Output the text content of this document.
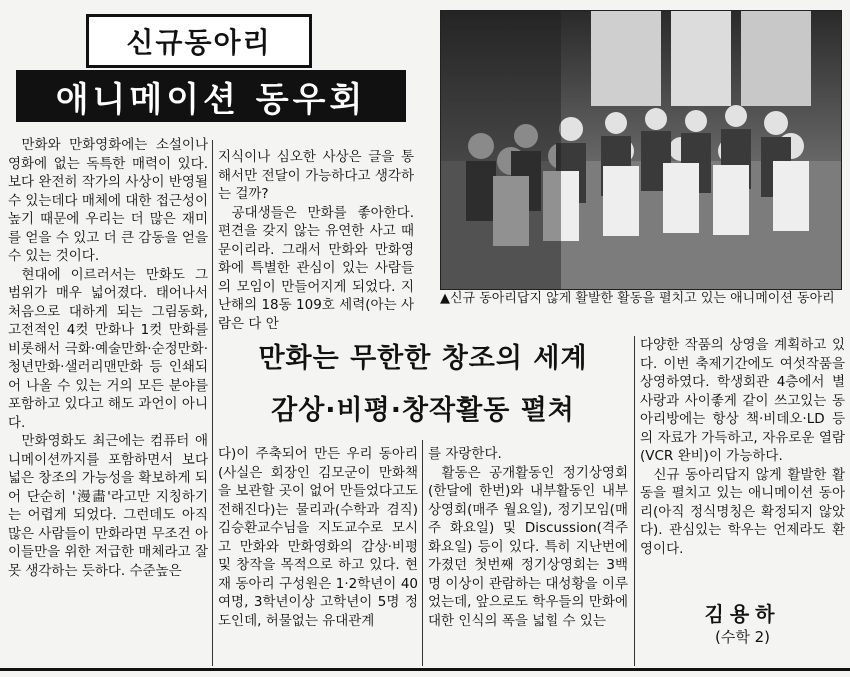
신규동아리
애니메이션 동우회
▲신규 동아리답지 않게 활발한 활동을 펼치고 있는 애니메이션 동아리

만화와 만화영화에는 소설이나 영화에 없는 독특한 매력이 있다. 보다 완전히 작가의 사상이 반영될 수 있는데다 매체에 대한 접근성이 높기 때문에 우리는 더 많은 재미를 얻을 수 있고 더 큰 감동을 얻을 수 있는 것이다.

현대에 이르러서는 만화도 그 범위가 매우 넓어졌다. 태어나서 처음으로 대하게 되는 그림동화, 고전적인 4컷 만화나 1컷 만화를 비롯해서 극화·예술만화·순정만화·청년만화·샐러리맨만화 등 인쇄되어 나올 수 있는 거의 모든 분야를 포함하고 있다고 해도 과언이 아니다.

만화영화도 최근에는 컴퓨터 애니메이션까지를 포함하면서 보다 넓은 창조의 가능성을 확보하게 되어 단순히 '漫畵'라고만 지칭하기는 어렵게 되었다. 그런데도 아직 많은 사람들이 만화라면 무조건 아이들만을 위한 저급한 매체라고 잘못 생각하는 듯하다. 수준높은

지식이나 심오한 사상은 글을 통해서만 전달이 가능하다고 생각하는 걸까?

공대생들은 만화를 좋아한다. 편견을 갖지 않는 유연한 사고 때문이리라. 그래서 만화와 만화영화에 특별한 관심이 있는 사람들의 모임이 만들어지게 되었다. 지난해의 18동 109호 세력(아는 사람은 다 안

만화는 무한한 창조의 세계
감상·비평·창작활동 펼쳐

다)이 주축되어 만든 우리 동아리(사실은 회장인 김모군이 만화책을 보관할 곳이 없어 만들었다고도 전해진다)는 물리과(수학과 겸직) 김승환교수님을 지도교수로 모시고 만화와 만화영화의 감상·비평 및 창작을 목적으로 하고 있다. 현재 동아리 구성원은 1·2학년이 40여명, 3학년이상 고학년이 5명 정도인데, 허물없는 유대관계

를 자랑한다.

활동은 공개활동인 정기상영회(한달에 한번)와 내부활동인 내부상영회(매주 월요일), 정기모임(매주 화요일) 및 Discussion(격주 화요일) 등이 있다. 특히 지난번에 가졌던 첫번째 정기상영회는 3백명 이상이 관람하는 대성황을 이루었는데, 앞으로도 학우들의 만화에 대한 인식의 폭을 넓힐 수 있는

다양한 작품의 상영을 계획하고 있다. 이번 축제기간에도 여섯작품을 상영하였다. 학생회관 4층에서 별사랑과 사이좋게 같이 쓰고있는 동아리방에는 항상 책·비데오·LD 등의 자료가 가득하고, 자유로운 열람(VCR 완비)이 가능하다.

신규 동아리답지 않게 활발한 활동을 펼치고 있는 애니메이션 동아리(아직 정식명칭은 확정되지 않았다). 관심있는 학우는 언제라도 환영이다.

김용하
(수학 2)
